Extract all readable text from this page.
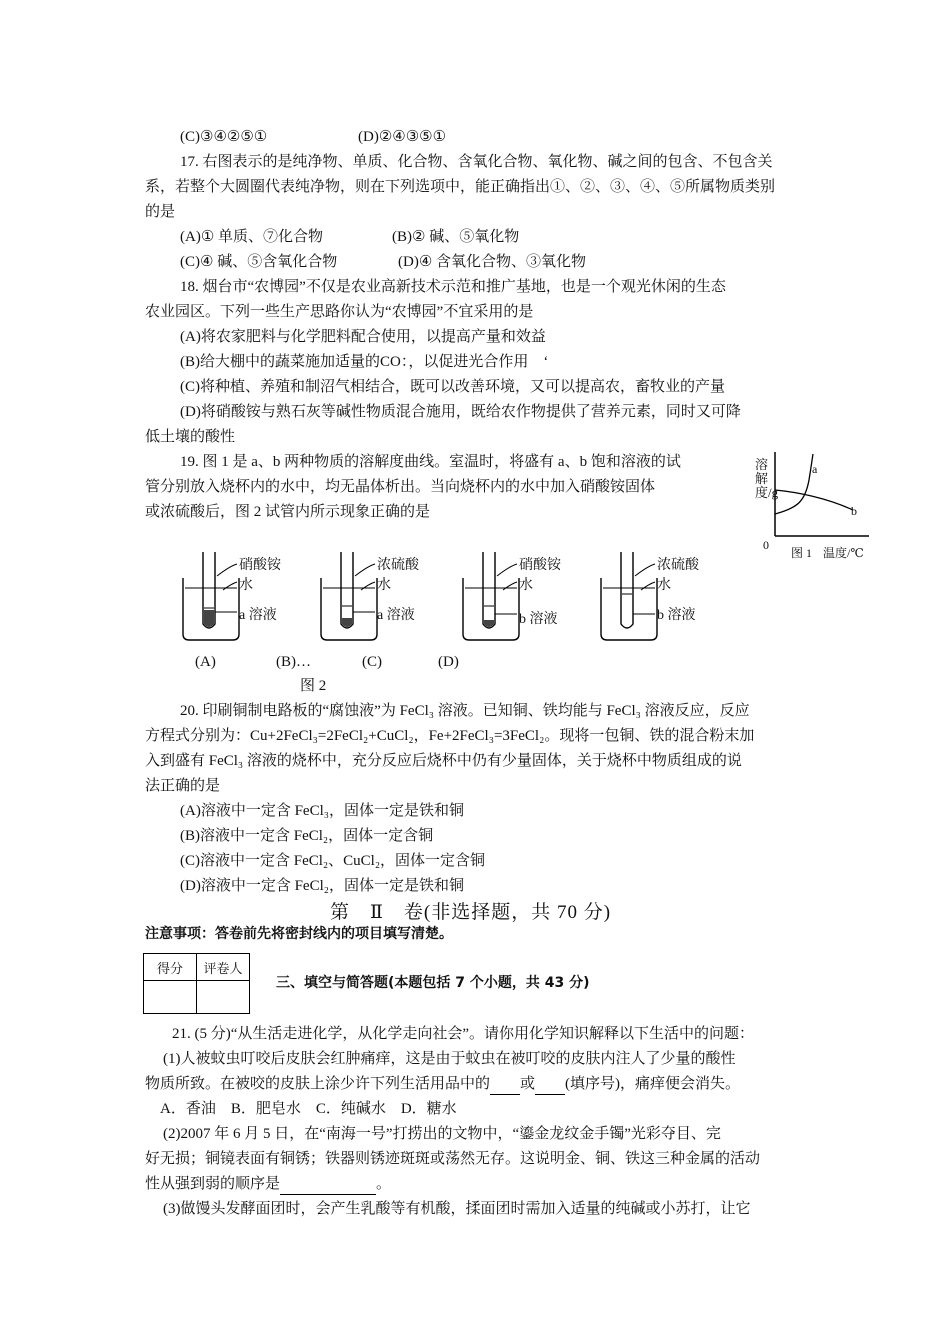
(C)③④②⑤①	(D)②④③⑤①
17. 右图表示的是纯净物、单质、化合物、含氧化合物、氧化物、碱之间的包含、不包含关
系，若整个大圆圈代表纯净物，则在下列选项中，能正确指出①、②、③、④、⑤所属物质类别
的是
(A)① 单质、⑦化合物	(B)② 碱、⑤氧化物
(C)④ 碱、⑤含氧化合物	(D)④ 含氧化合物、③氧化物
18. 烟台市“农博园”不仅是农业高新技术示范和推广基地，也是一个观光休闲的生态
农业园区。下列一些生产思路你认为“农博园”不宜采用的是
(A)将农家肥料与化学肥料配合使用，以提高产量和效益
(B)给大棚中的蔬菜施加适量的CO：，以促进光合作用　‘
(C)将种植、养殖和制沼气相结合，既可以改善环境，又可以提高农，畜牧业的产量
(D)将硝酸铵与熟石灰等碱性物质混合施用，既给农作物提供了营养元素，同时又可降
低土壤的酸性
19. 图 1 是 a、b 两种物质的溶解度曲线。室温时，将盛有 a、b 饱和溶液的试
管分别放入烧杯内的水中，均无晶体析出。当向烧杯内的水中加入硝酸铵固体
或浓硫酸后，图 2 试管内所示现象正确的是
溶解度/g
a
b
0
图 1 温度/℃
硝酸铵
水
a 溶液
浓硫酸
水
a 溶液
硝酸铵
水
b 溶液
浓硫酸
水
b 溶液
(A)	(B)…	(C)	(D)
图 2
20. 印刷铜制电路板的“腐蚀液”为 FeCl₃ 溶液。已知铜、铁均能与 FeCl₃ 溶液反应，反应
方程式分别为：Cu+2FeCl₃=2FeCl₂+CuCl₂，Fe+2FeCl₃=3FeCl₂。现将一包铜、铁的混合粉末加
入到盛有 FeCl₃ 溶液的烧杯中，充分反应后烧杯中仍有少量固体，关于烧杯中物质组成的说
法正确的是
(A)溶液中一定含 FeCl₃，固体一定是铁和铜
(B)溶液中一定含 FeCl₂，固体一定含铜
(C)溶液中一定含 FeCl₂、CuCl₂，固体一定含铜
(D)溶液中一定含 FeCl₂，固体一定是铁和铜
第　Ⅱ　卷(非选择题，共 70 分)
注意事项：答卷前先将密封线内的项目填写清楚。
得分	评卷人

三、填空与简答题(本题包括 7 个小题，共 43 分)
21. (5 分)“从生活走进化学，从化学走向社会”。请你用化学知识解释以下生活中的问题：
(1)人被蚊虫叮咬后皮肤会红肿痛痒，这是由于蚊虫在被叮咬的皮肤内注人了少量的酸性
物质所致。在被咬的皮肤上涂少许下列生活用品中的 或 (填序号)，痛痒便会消失。
A．香油　B．肥皂水　C．纯碱水　D．糖水
(2)2007 年 6 月 5 日，在“南海一号”打捞出的文物中，“鎏金龙纹金手镯”光彩夺目、完
好无损；铜镜表面有铜锈；铁器则锈迹斑斑或荡然无存。这说明金、铜、铁这三种金属的活动
性从强到弱的顺序是	。
(3)做馒头发酵面团时，会产生乳酸等有机酸，揉面团时需加入适量的纯碱或小苏打，让它
